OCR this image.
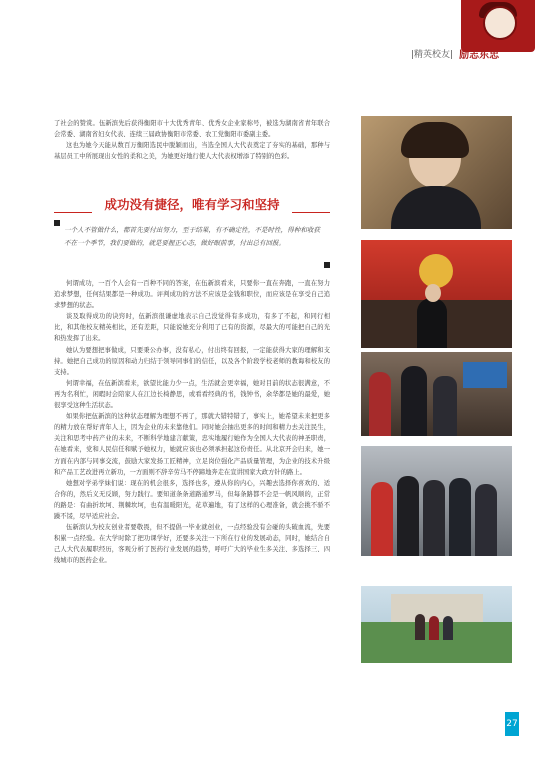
|精英校友| 励志东忠

了社会的赞赏。伍新滨先后获得衡阳市十大优秀青年、优秀女企业家称号，被选为湖南省青年联合会常委、湖南省妇女代表、连续三届政协衡阳市常委、农工党衡阳市委副主委。

这也为她今天能从数百万衡阳选民中脱颖而出，当选全国人大代表奠定了夯实的基础，那种与基层员工中所展现出女性的柔和之美，为她更好地行使人大代表权增添了特别的色彩。

成功没有捷径，唯有学习和坚持
一个人不管做什么，都首先要付出努力，至于结果，有不确定性，不是时性，得种和收获不在一个季节，我们要做的，就是要握正心态，做好眼前事，付出总有回报。

何谓成功，一百个人会有一百种不同的答案，在伍新滨看来，只要你一直在奔跑，一直在努力追求梦想，任何结果都是一种成功。评判成功的方法不应该是金钱和职位，而应该是在享受自己追求梦想的状态。

谈及取得成功的诀窍时，伍新滨很谦虚地表示自己没觉得有多成功，有多了不起，和同行相比，和其他校友精英相比，还有差距，只能说她充分利用了已有的资源，尽最大的可能把自己的光和热发挥了出来。

她认为要想把事做成，只要秉公办事，没有私心，付出终有回报，一定能获得大家的理解和支持。她把自己成功的原因和动力归结于领导同事们的信任，以及各个阶段学校老师的教诲和校友的支持。

何谓幸福，在伍新滨看来，欲望比能力少一点，生活就会更幸福，她对目前的状态很满意，不再为名利忙，闲暇时会陪家人在江边长椅静思，或看看经典的书，钱钟书，余华都是她的最爱，她很享受这种生活状态。

如果你把伍新滨的这种状态理解为理想不再了，那就大错特错了，事实上，她希望未来把更多的精力放在帮好青年人上，因为企业的未来靠他们。同时她会抽出更多的时间和精力去关注民生，关注和思考中药产业的未来，不断科学地建言献策，忠实地履行她作为全国人大代表的神圣职责，在她看来，党和人民信任和赋予她权力，她就应该也必须承担起这份责任。从北京开会归来，她一方面在内部与同事交流，鼓励大家发扬工匠精神，立足岗位强化产品质量管理，为企业的技术升级和产品工艺改进再立新功，一方面则不辞辛劳马不停蹄地奔走在宣讲国家大政方针的路上。

她想对学弟学妹们说：现在的机会很多，选择也多，遵从你的内心，兴趣去选择你喜欢的、适合你的，然后义无反顾，努力践行。要知道条条道路通罗马，但每条路都不会是一帆风顺的，正常的路是：有曲折坎坷、荆棘坎坷，也有温暖阳光，花草遍地，有了这样的心理准备，就会挑不骄不躁不馁，尽早适应社会。

伍新滨认为校友创业者要敬畏，但不提倡一毕业就创业，一点经验没有会碰的头破血流，先要积累一点经验。在大学时除了把功课学好，还要多关注一下所在行业的发展动态，同时，她结合自己人大代表履职经历，客观分析了医药行业发展的趋势，呼吁广大的毕业生多关注、多选择三、四线城市的医药企业。

27
